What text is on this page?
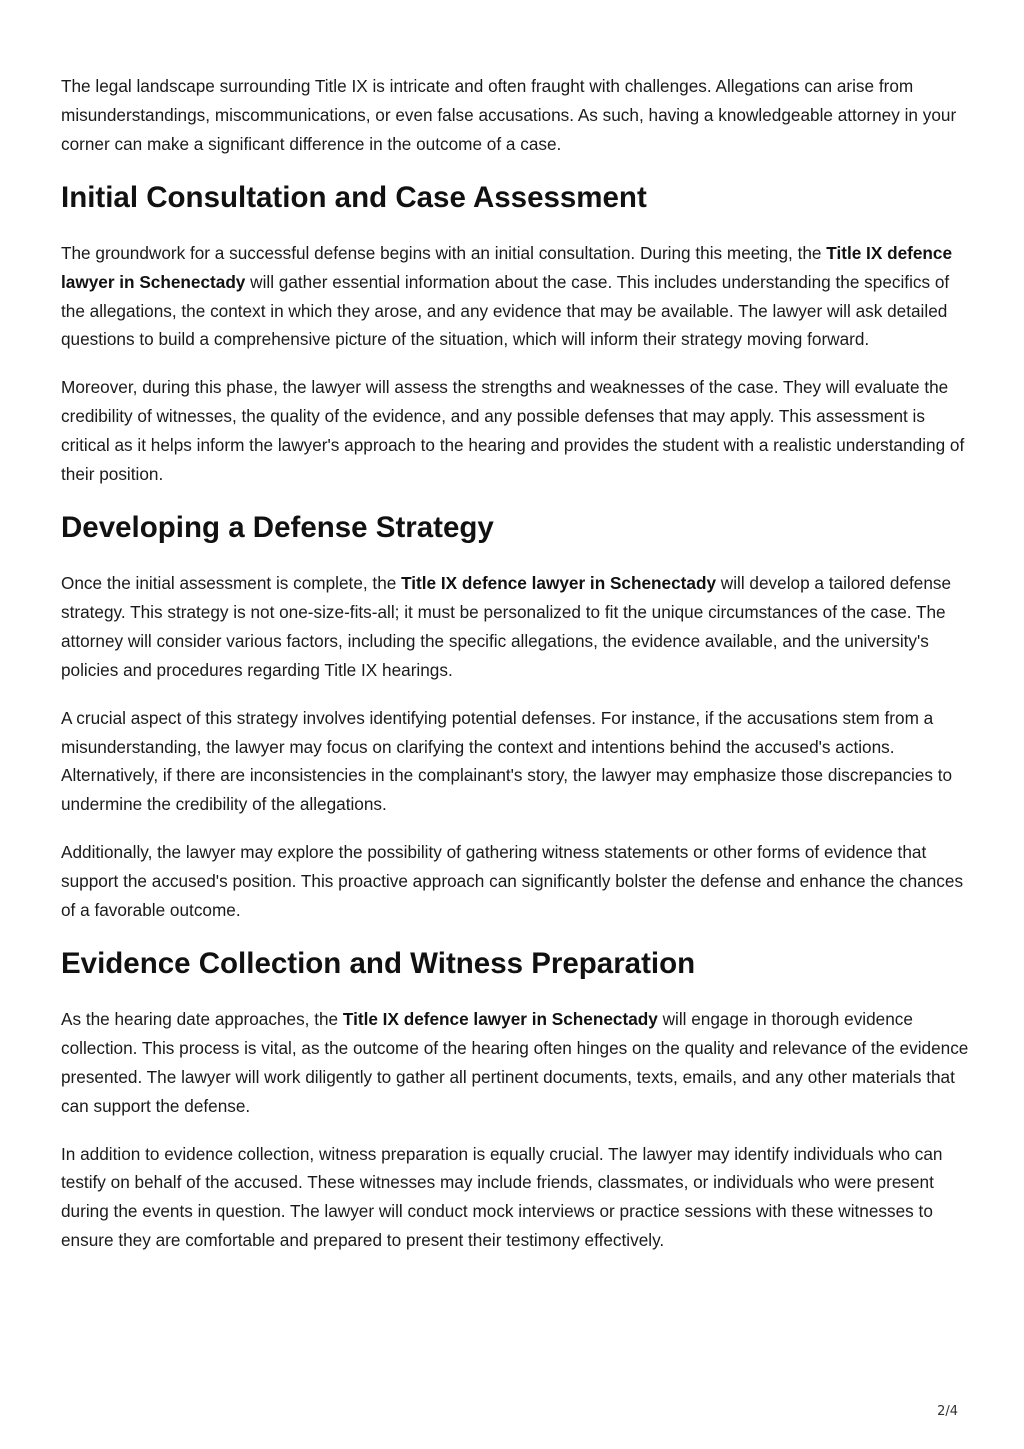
The legal landscape surrounding Title IX is intricate and often fraught with challenges. Allegations can arise from misunderstandings, miscommunications, or even false accusations. As such, having a knowledgeable attorney in your corner can make a significant difference in the outcome of a case.

Initial Consultation and Case Assessment

The groundwork for a successful defense begins with an initial consultation. During this meeting, the Title IX defence lawyer in Schenectady will gather essential information about the case. This includes understanding the specifics of the allegations, the context in which they arose, and any evidence that may be available. The lawyer will ask detailed questions to build a comprehensive picture of the situation, which will inform their strategy moving forward.

Moreover, during this phase, the lawyer will assess the strengths and weaknesses of the case. They will evaluate the credibility of witnesses, the quality of the evidence, and any possible defenses that may apply. This assessment is critical as it helps inform the lawyer's approach to the hearing and provides the student with a realistic understanding of their position.

Developing a Defense Strategy

Once the initial assessment is complete, the Title IX defence lawyer in Schenectady will develop a tailored defense strategy. This strategy is not one-size-fits-all; it must be personalized to fit the unique circumstances of the case. The attorney will consider various factors, including the specific allegations, the evidence available, and the university's policies and procedures regarding Title IX hearings.

A crucial aspect of this strategy involves identifying potential defenses. For instance, if the accusations stem from a misunderstanding, the lawyer may focus on clarifying the context and intentions behind the accused's actions. Alternatively, if there are inconsistencies in the complainant's story, the lawyer may emphasize those discrepancies to undermine the credibility of the allegations.

Additionally, the lawyer may explore the possibility of gathering witness statements or other forms of evidence that support the accused's position. This proactive approach can significantly bolster the defense and enhance the chances of a favorable outcome.

Evidence Collection and Witness Preparation

As the hearing date approaches, the Title IX defence lawyer in Schenectady will engage in thorough evidence collection. This process is vital, as the outcome of the hearing often hinges on the quality and relevance of the evidence presented. The lawyer will work diligently to gather all pertinent documents, texts, emails, and any other materials that can support the defense.

In addition to evidence collection, witness preparation is equally crucial. The lawyer may identify individuals who can testify on behalf of the accused. These witnesses may include friends, classmates, or individuals who were present during the events in question. The lawyer will conduct mock interviews or practice sessions with these witnesses to ensure they are comfortable and prepared to present their testimony effectively.

2/4
